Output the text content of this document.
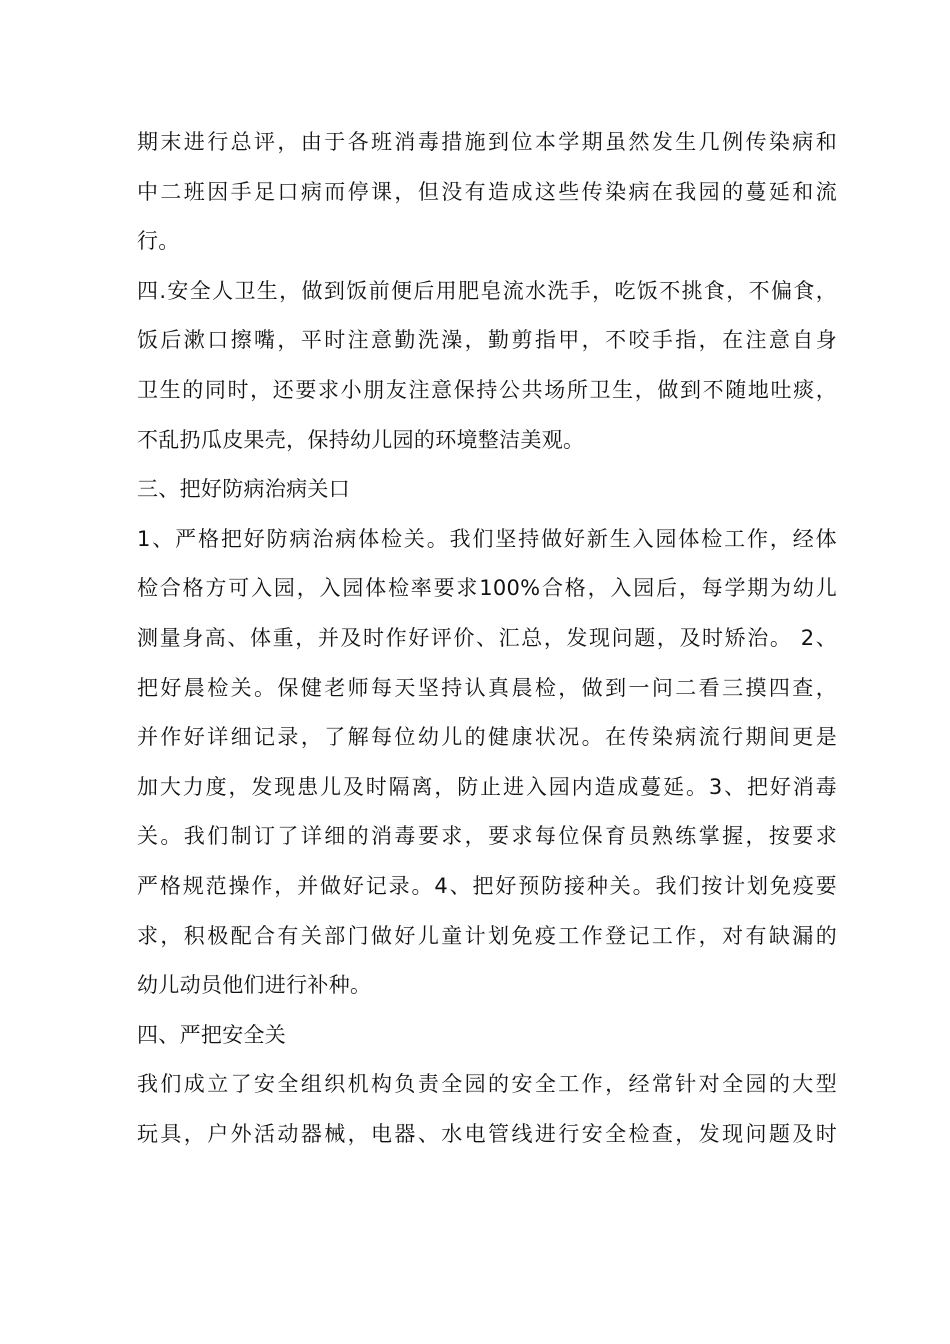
期末进行总评，由于各班消毒措施到位本学期虽然发生几例传染病和
中二班因手足口病而停课，但没有造成这些传染病在我园的蔓延和流
行。
四.安全人卫生，做到饭前便后用肥皂流水洗手，吃饭不挑食，不偏食，
饭后漱口擦嘴，平时注意勤洗澡，勤剪指甲，不咬手指，在注意自身
卫生的同时，还要求小朋友注意保持公共场所卫生，做到不随地吐痰，
不乱扔瓜皮果壳，保持幼儿园的环境整洁美观。
三、把好防病治病关口
1、严格把好防病治病体检关。我们坚持做好新生入园体检工作，经体
检合格方可入园，入园体检率要求100%合格，入园后，每学期为幼儿
测量身高、体重，并及时作好评价、汇总，发现问题，及时矫治。 2、
把好晨检关。保健老师每天坚持认真晨检，做到一问二看三摸四查，
并作好详细记录，了解每位幼儿的健康状况。在传染病流行期间更是
加大力度，发现患儿及时隔离，防止进入园内造成蔓延。3、把好消毒
关。我们制订了详细的消毒要求，要求每位保育员熟练掌握，按要求
严格规范操作，并做好记录。4、把好预防接种关。我们按计划免疫要
求，积极配合有关部门做好儿童计划免疫工作登记工作，对有缺漏的
幼儿动员他们进行补种。
四、严把安全关
我们成立了安全组织机构负责全园的安全工作，经常针对全园的大型
玩具，户外活动器械，电器、水电管线进行安全检查，发现问题及时
